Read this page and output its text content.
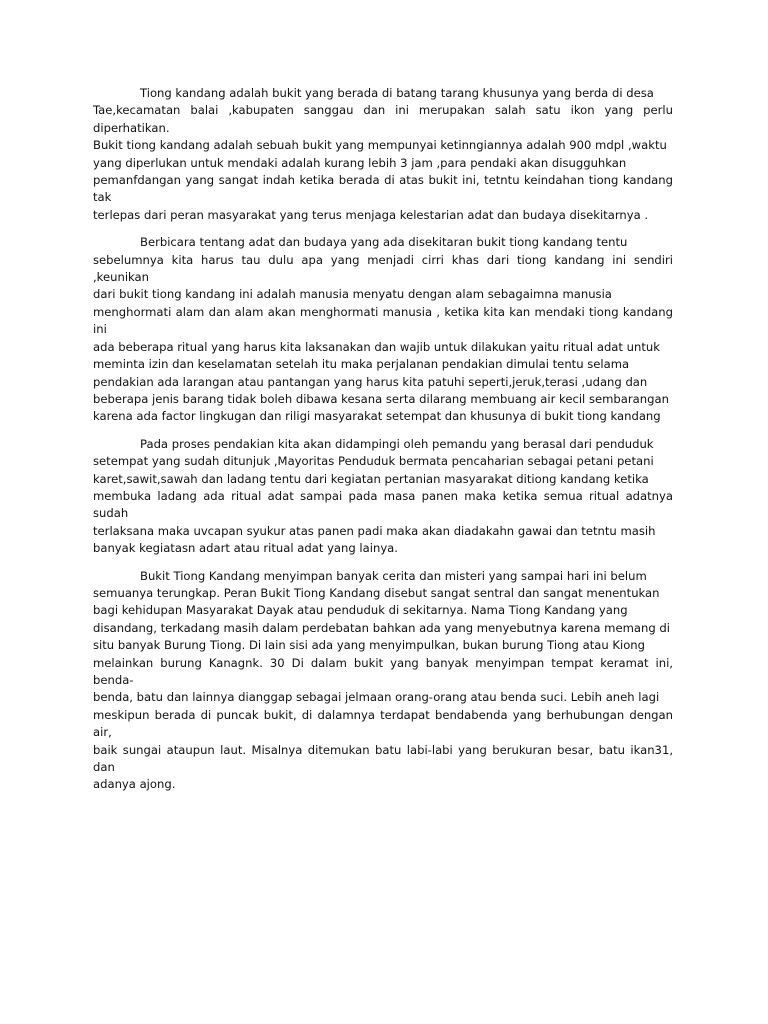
Tiong kandang adalah bukit yang berada di batang tarang khusunya yang berda di desa
Tae,kecamatan balai ,kabupaten sanggau dan ini merupakan salah satu ikon yang perlu diperhatikan.
Bukit tiong kandang adalah sebuah bukit yang mempunyai ketinngiannya adalah 900 mdpl ,waktu
yang diperlukan untuk mendaki adalah kurang lebih 3 jam ,para pendaki akan disugguhkan
pemanfdangan yang sangat indah ketika berada di atas bukit ini, tetntu keindahan tiong kandang tak
terlepas dari peran masyarakat yang terus menjaga kelestarian adat dan budaya disekitarnya .

Berbicara tentang adat dan budaya yang ada disekitaran bukit tiong kandang tentu
sebelumnya kita harus tau dulu apa yang menjadi cirri khas dari tiong kandang ini sendiri ,keunikan
dari bukit tiong kandang ini adalah manusia menyatu dengan alam sebagaimna manusia
menghormati alam dan alam akan menghormati manusia , ketika kita kan mendaki tiong kandang ini
ada beberapa ritual yang harus kita laksanakan dan wajib untuk dilakukan yaitu ritual adat untuk
meminta izin dan keselamatan setelah itu maka perjalanan pendakian dimulai tentu selama
pendakian ada larangan atau pantangan yang harus kita patuhi seperti,jeruk,terasi ,udang dan
beberapa jenis barang tidak boleh dibawa kesana serta dilarang membuang air kecil sembarangan
karena ada factor lingkugan dan riligi masyarakat setempat dan khusunya di bukit tiong kandang

Pada proses pendakian kita akan didampingi oleh pemandu yang berasal dari penduduk
setempat yang sudah ditunjuk ,Mayoritas Penduduk bermata pencaharian sebagai petani petani
karet,sawit,sawah dan ladang tentu dari kegiatan pertanian masyarakat ditiong kandang ketika
membuka ladang ada ritual adat sampai pada masa panen maka ketika semua ritual adatnya sudah
terlaksana maka uvcapan syukur atas panen padi maka akan diadakahn gawai dan tetntu masih
banyak kegiatasn adart atau ritual adat yang lainya.

Bukit Tiong Kandang menyimpan banyak cerita dan misteri yang sampai hari ini belum
semuanya terungkap. Peran Bukit Tiong Kandang disebut sangat sentral dan sangat menentukan
bagi kehidupan Masyarakat Dayak atau penduduk di sekitarnya. Nama Tiong Kandang yang
disandang, terkadang masih dalam perdebatan bahkan ada yang menyebutnya karena memang di
situ banyak Burung Tiong. Di lain sisi ada yang menyimpulkan, bukan burung Tiong atau Kiong
melainkan burung Kanagnk. 30 Di dalam bukit yang banyak menyimpan tempat keramat ini, benda-
benda, batu dan lainnya dianggap sebagai jelmaan orang-orang atau benda suci. Lebih aneh lagi
meskipun berada di puncak bukit, di dalamnya terdapat bendabenda yang berhubungan dengan air,
baik sungai ataupun laut. Misalnya ditemukan batu labi-labi yang berukuran besar, batu ikan31, dan
adanya ajong.
